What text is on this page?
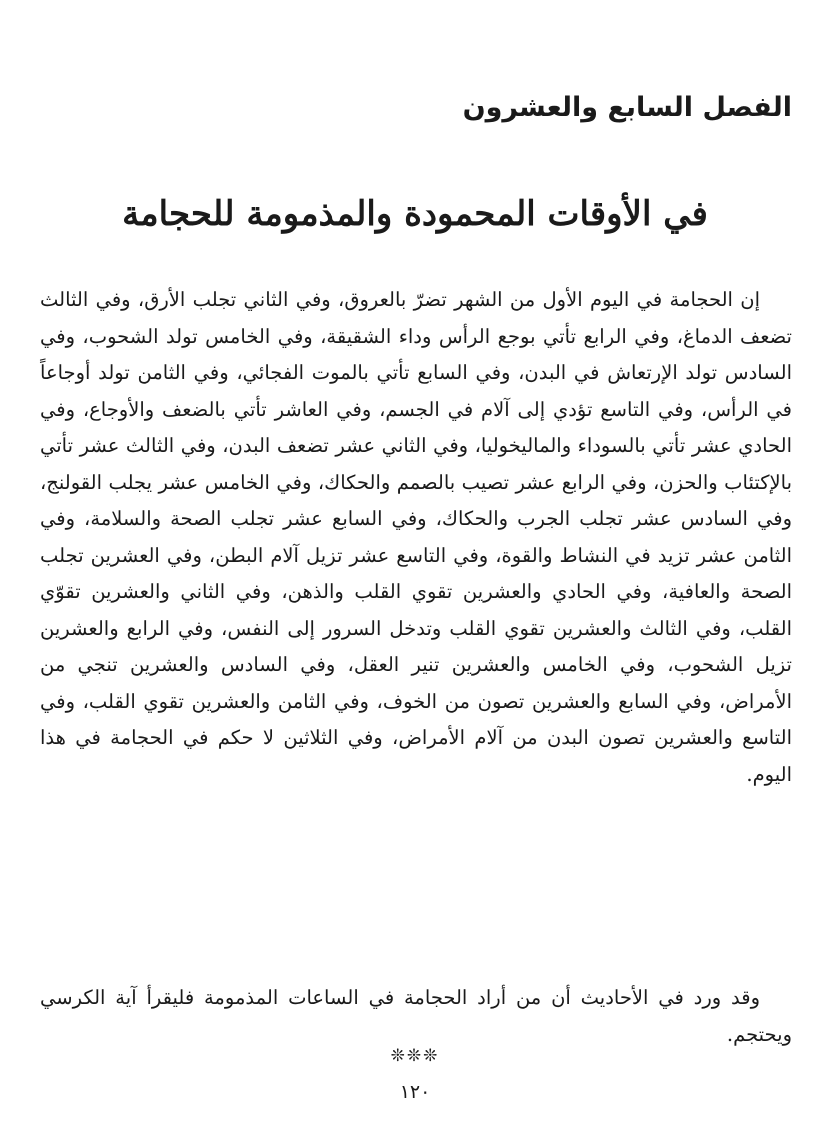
الفصل السابع والعشرون
في الأوقات المحمودة والمذمومة للحجامة

إن الحجامة في اليوم الأول من الشهر تضرّ بالعروق، وفي الثاني تجلب الأرق، وفي الثالث تضعف الدماغ، وفي الرابع تأتي بوجع الرأس وداء الشقيقة، وفي الخامس تولد الشحوب، وفي السادس تولد الإرتعاش في البدن، وفي السابع تأتي بالموت الفجائي، وفي الثامن تولد أوجاعاً في الرأس، وفي التاسع تؤدي إلى آلام في الجسم، وفي العاشر تأتي بالضعف والأوجاع، وفي الحادي عشر تأتي بالسوداء والماليخوليا، وفي الثاني عشر تضعف البدن، وفي الثالث عشر تأتي بالإكتئاب والحزن، وفي الرابع عشر تصيب بالصمم والحكاك، وفي الخامس عشر يجلب القولنج، وفي السادس عشر تجلب الجرب والحكاك، وفي السابع عشر تجلب الصحة والسلامة، وفي الثامن عشر تزيد في النشاط والقوة، وفي التاسع عشر تزيل آلام البطن، وفي العشرين تجلب الصحة والعافية، وفي الحادي والعشرين تقوي القلب والذهن، وفي الثاني والعشرين تقوّي القلب، وفي الثالث والعشرين تقوي القلب وتدخل السرور إلى النفس، وفي الرابع والعشرين تزيل الشحوب، وفي الخامس والعشرين تنير العقل، وفي السادس والعشرين تنجي من الأمراض، وفي السابع والعشرين تصون من الخوف، وفي الثامن والعشرين تقوي القلب، وفي التاسع والعشرين تصون البدن من آلام الأمراض، وفي الثلاثين لا حكم في الحجامة في هذا اليوم.

وقد ورد في الأحاديث أن من أراد الحجامة في الساعات المذمومة فليقرأ آية الكرسي ويحتجم.

❊❊❊
١٢٠
